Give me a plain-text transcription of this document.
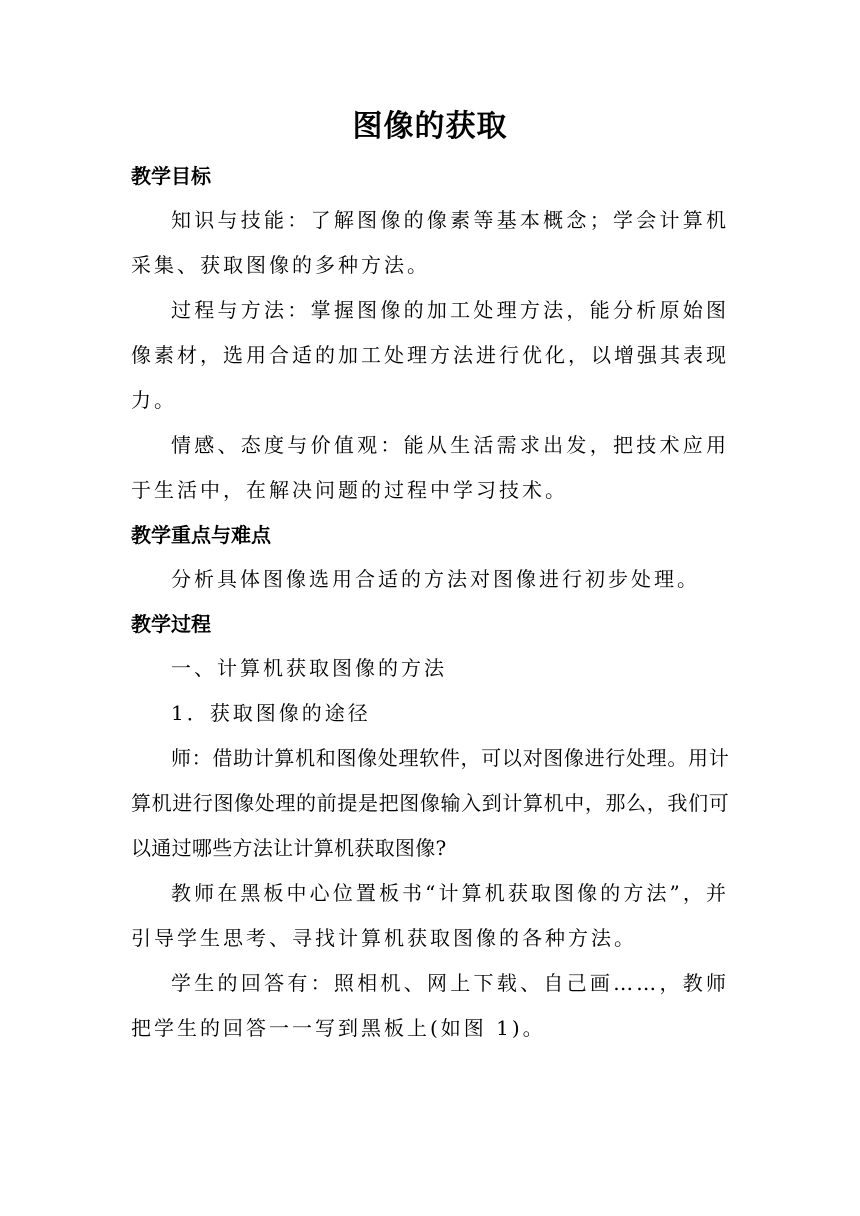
图像的获取
教学目标

知识与技能：了解图像的像素等基本概念；学会计算机采集、获取图像的多种方法。

过程与方法：掌握图像的加工处理方法，能分析原始图像素材，选用合适的加工处理方法进行优化，以增强其表现力。

情感、态度与价值观：能从生活需求出发，把技术应用于生活中，在解决问题的过程中学习技术。

教学重点与难点

分析具体图像选用合适的方法对图像进行初步处理。

教学过程

一、计算机获取图像的方法

1．获取图像的途径

师：借助计算机和图像处理软件，可以对图像进行处理。用计算机进行图像处理的前提是把图像输入到计算机中，那么，我们可以通过哪些方法让计算机获取图像?

教师在黑板中心位置板书“计算机获取图像的方法”，并引导学生思考、寻找计算机获取图像的各种方法。

学生的回答有：照相机、网上下载、自己画……，教师把学生的回答一一写到黑板上(如图 1)。
